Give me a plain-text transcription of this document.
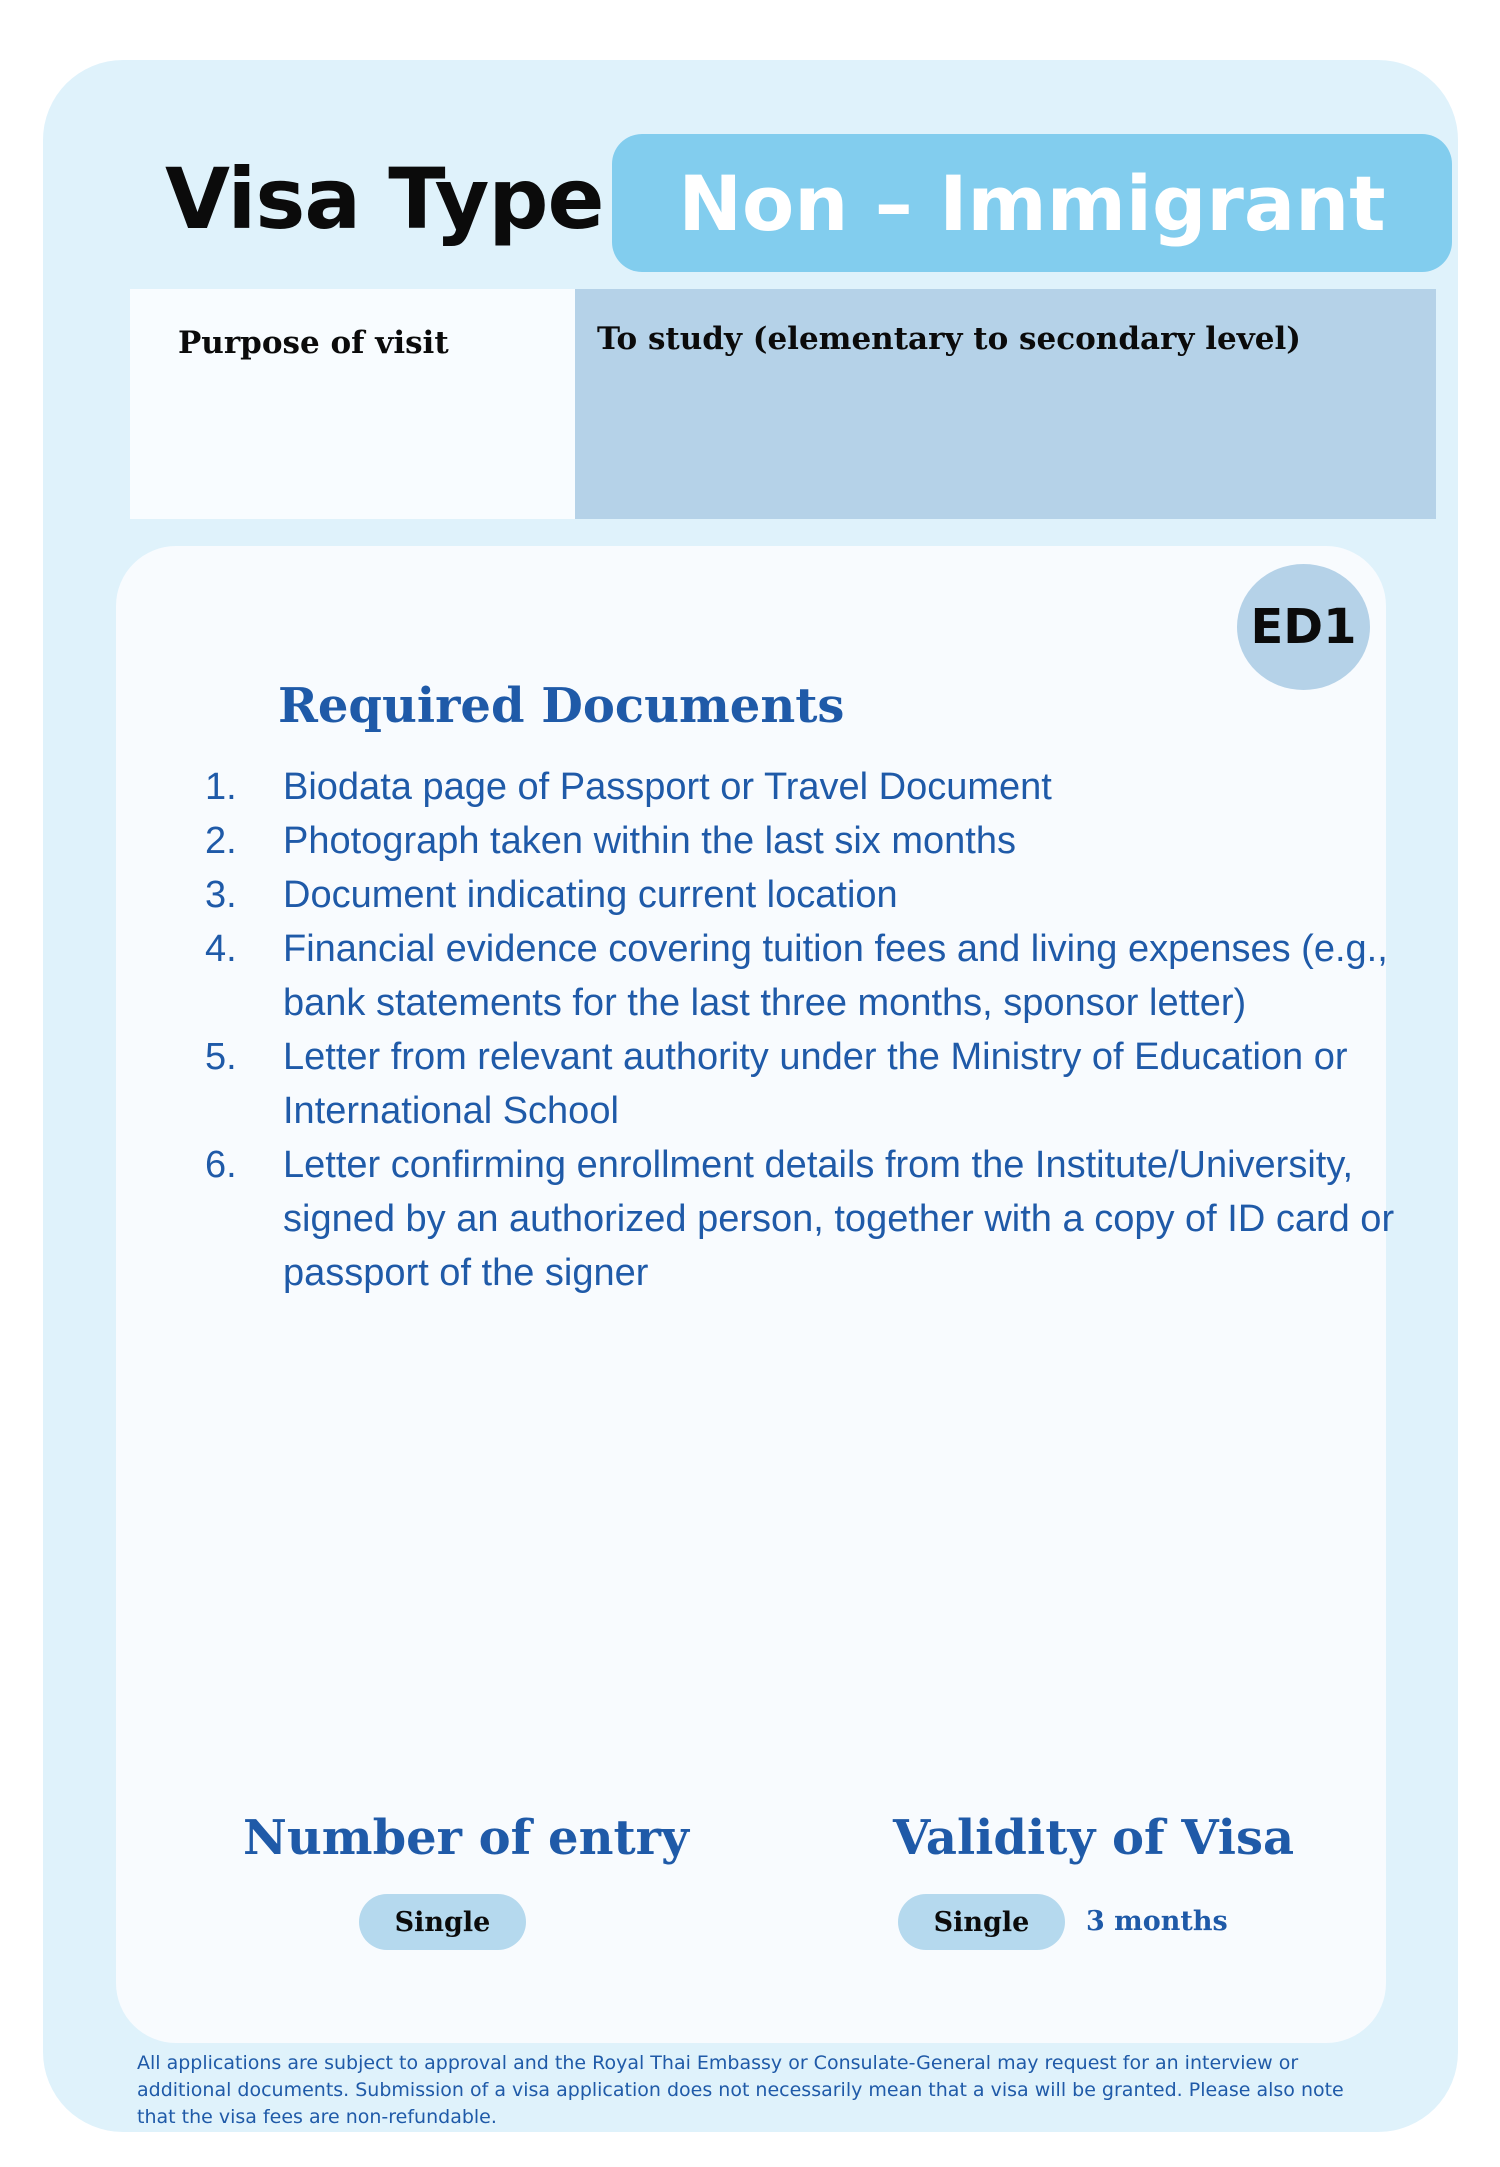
Visa Type Non – Immigrant
Purpose of visit	To study (elementary to secondary level)
ED1
Required Documents
1.	Biodata page of Passport or Travel Document
2.	Photograph taken within the last six months
3.	Document indicating current location
4.	Financial evidence covering tuition fees and living expenses (e.g., bank statements for the last three months, sponsor letter)
5.	Letter from relevant authority under the Ministry of Education or International School
6.	Letter confirming enrollment details from the Institute/University, signed by an authorized person, together with a copy of ID card or passport of the signer
Number of entry
Single
Validity of Visa
Single	3 months
All applications are subject to approval and the Royal Thai Embassy or Consulate-General may request for an interview or additional documents. Submission of a visa application does not necessarily mean that a visa will be granted. Please also note that the visa fees are non-refundable.
